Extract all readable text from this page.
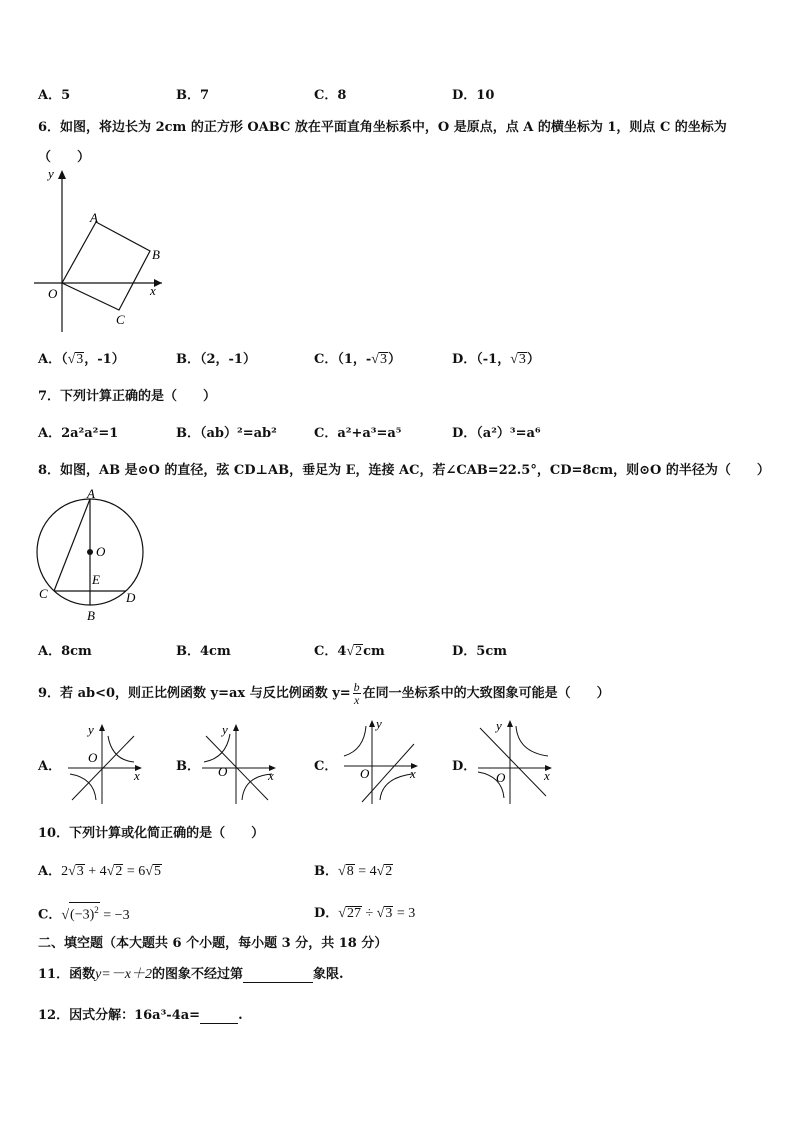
A．5	B．7	C．8	D．10
6．如图，将边长为 2cm 的正方形 OABC 放在平面直角坐标系中，O 是原点，点 A 的横坐标为 1，则点 C 的坐标为
（　　）
y
x
O
A
B
C
A．（√3，-1）	B．（2，-1）	C．（1，-√3）	D．（-1，√3）
7．下列计算正确的是（　　）
A．2a²a²=1	B．（ab）²=ab²	C．a²+a³=a⁵	D．（a²）³=a⁶
8．如图，AB 是⊙O 的直径，弦 CD⊥AB，垂足为 E，连接 AC，若∠CAB=22.5°，CD=8cm，则⊙O 的半径为（　　）
A
O
E
C	D
B
A．8cm	B．4cm	C．4√2cm	D．5cm
9．若 ab<0，则正比例函数 y=ax 与反比例函数 $y= \frac{b}{x}$ 在同一坐标系中的大致图象可能是（　　）
A．
y
x
O
B．
y
x
O	C．
y
x
O	D．
y
x
O
10．下列计算或化简正确的是（　　）
A．2√3 + 4√2 = 6√5	B．√8 = 4√2
C．$√(-3)^2 = -3$	D．√27 ÷ √3 = 3
二、填空题（本大题共 6 个小题，每小题 3 分，共 18 分）
11．函数y=－x＋2的图象不经过第	象限.
12．因式分解：16a³-4a=	.
